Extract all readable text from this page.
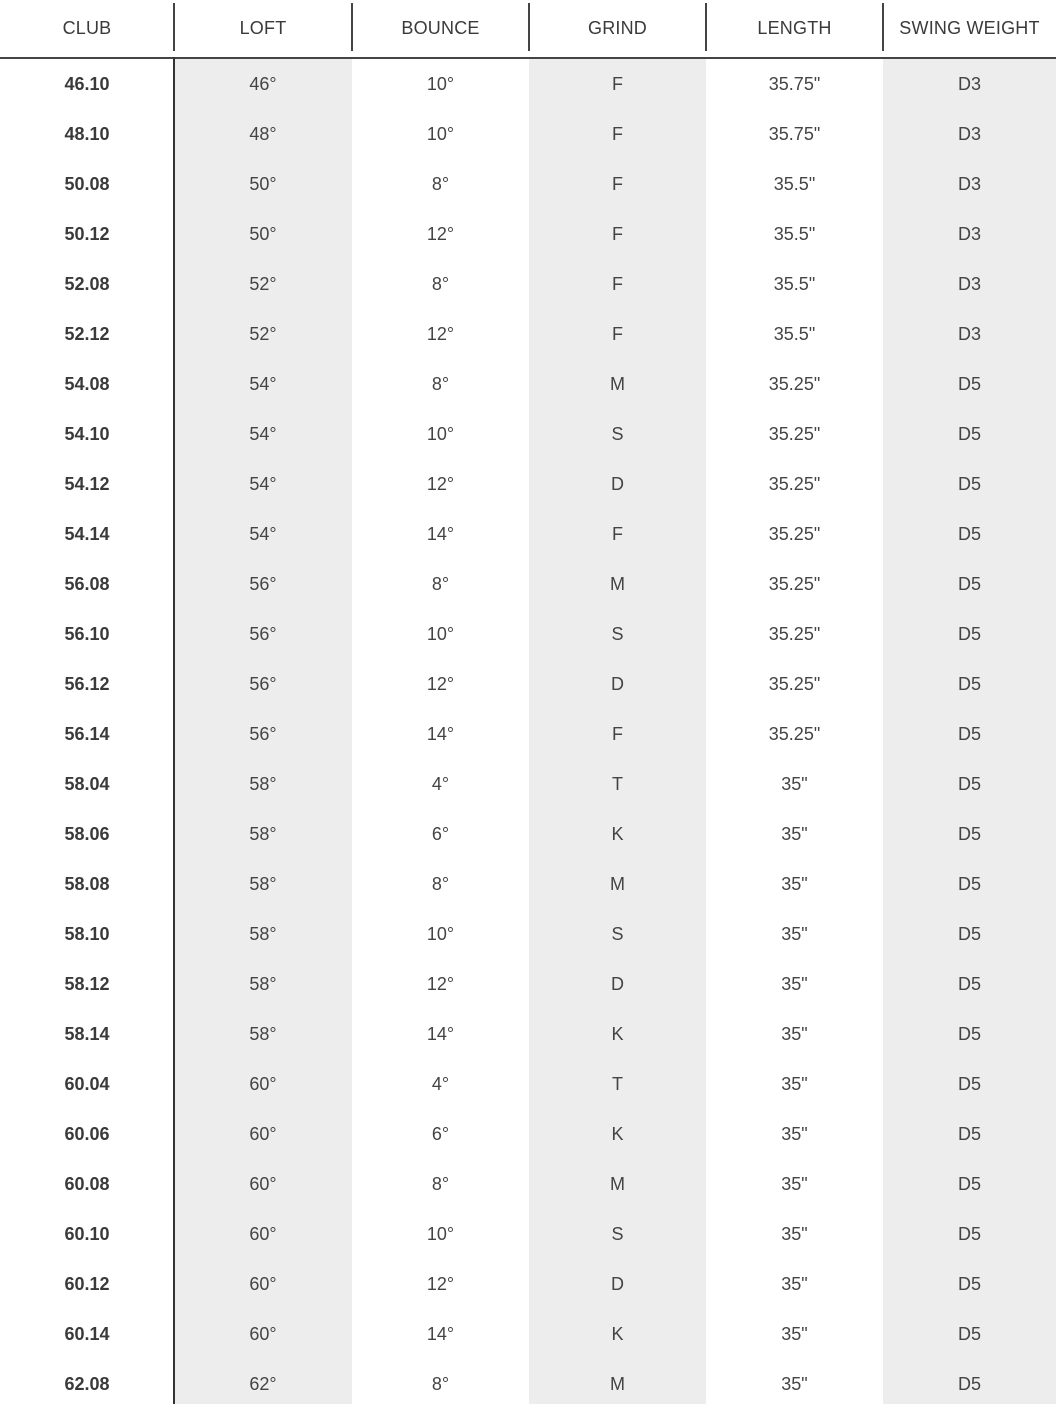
CLUB	LOFT	BOUNCE	GRIND	LENGTH	SWING WEIGHT
46.10	46°	10°	F	35.75"	D3
48.10	48°	10°	F	35.75"	D3
50.08	50°	8°	F	35.5"	D3
50.12	50°	12°	F	35.5"	D3
52.08	52°	8°	F	35.5"	D3
52.12	52°	12°	F	35.5"	D3
54.08	54°	8°	M	35.25"	D5
54.10	54°	10°	S	35.25"	D5
54.12	54°	12°	D	35.25"	D5
54.14	54°	14°	F	35.25"	D5
56.08	56°	8°	M	35.25"	D5
56.10	56°	10°	S	35.25"	D5
56.12	56°	12°	D	35.25"	D5
56.14	56°	14°	F	35.25"	D5
58.04	58°	4°	T	35"	D5
58.06	58°	6°	K	35"	D5
58.08	58°	8°	M	35"	D5
58.10	58°	10°	S	35"	D5
58.12	58°	12°	D	35"	D5
58.14	58°	14°	K	35"	D5
60.04	60°	4°	T	35"	D5
60.06	60°	6°	K	35"	D5
60.08	60°	8°	M	35"	D5
60.10	60°	10°	S	35"	D5
60.12	60°	12°	D	35"	D5
60.14	60°	14°	K	35"	D5
62.08	62°	8°	M	35"	D5
